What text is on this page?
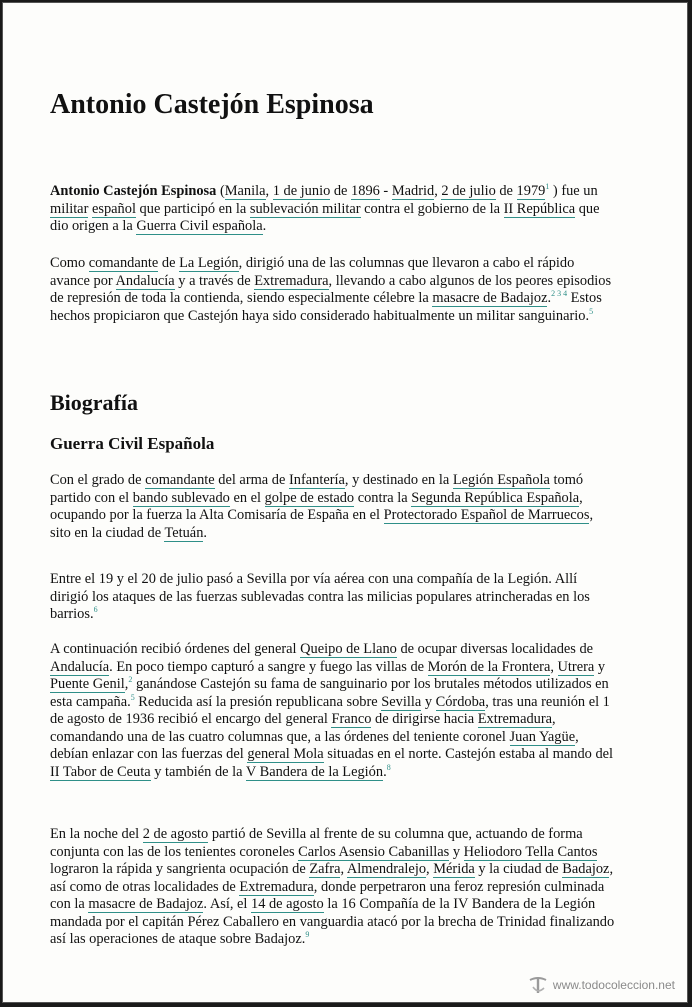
Antonio Castejón Espinosa

Antonio Castejón Espinosa (Manila, 1 de junio de 1896 - Madrid, 2 de julio de 1979$^1$ ) fue un militar español que participó en la sublevación militar contra el gobierno de la II República que dio origen a la Guerra Civil española.

Como comandante de La Legión, dirigió una de las columnas que llevaron a cabo el rápido avance por Andalucía y a través de Extremadura, llevando a cabo algunos de los peores episodios de represión de toda la contienda, siendo especialmente célebre la masacre de Badajoz.$^{2 3 4}$ Estos hechos propiciaron que Castejón haya sido considerado habitualmente un militar sanguinario.$^5$

Biografía
Guerra Civil Española

Con el grado de comandante del arma de Infantería, y destinado en la Legión Española tomó partido con el bando sublevado en el golpe de estado contra la Segunda República Española, ocupando por la fuerza la Alta Comisaría de España en el Protectorado Español de Marruecos, sito en la ciudad de Tetuán.

Entre el 19 y el 20 de julio pasó a Sevilla por vía aérea con una compañía de la Legión. Allí dirigió los ataques de las fuerzas sublevadas contra las milicias populares atrincheradas en los barrios.$^6$

A continuación recibió órdenes del general Queipo de Llano de ocupar diversas localidades de Andalucía. En poco tiempo capturó a sangre y fuego las villas de Morón de la Frontera, Utrera y Puente Genil,$^2$ ganándose Castejón su fama de sanguinario por los brutales métodos utilizados en esta campaña.$^5$ Reducida así la presión republicana sobre Sevilla y Córdoba, tras una reunión el 1 de agosto de 1936 recibió el encargo del general Franco de dirigirse hacia Extremadura, comandando una de las cuatro columnas que, a las órdenes del teniente coronel Juan Yagüe, debían enlazar con las fuerzas del general Mola situadas en el norte. Castejón estaba al mando del II Tabor de Ceuta y también de la V Bandera de la Legión.$^8$

En la noche del 2 de agosto partió de Sevilla al frente de su columna que, actuando de forma conjunta con las de los tenientes coroneles Carlos Asensio Cabanillas y Heliodoro Tella Cantos lograron la rápida y sangrienta ocupación de Zafra, Almendralejo, Mérida y la ciudad de Badajoz, así como de otras localidades de Extremadura, donde perpetraron una feroz represión culminada con la masacre de Badajoz. Así, el 14 de agosto la 16 Compañía de la IV Bandera de la Legión mandada por el capitán Pérez Caballero en vanguardia atacó por la brecha de Trinidad finalizando así las operaciones de ataque sobre Badajoz.$^9$

www.todocoleccion.net
